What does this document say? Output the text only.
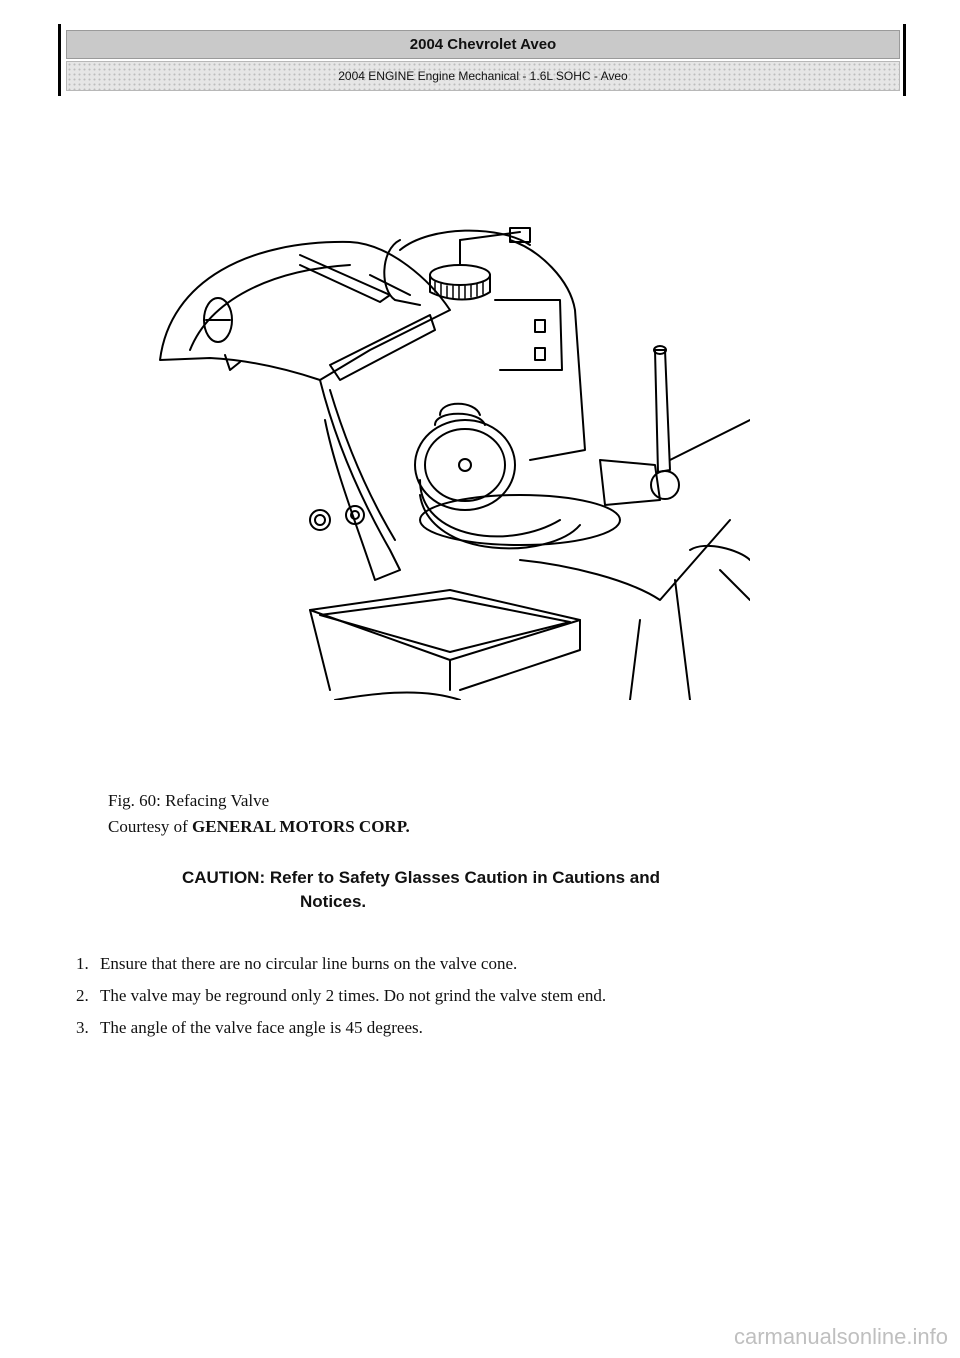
2004 Chevrolet Aveo
2004 ENGINE Engine Mechanical - 1.6L SOHC - Aveo
Fig. 60: Refacing Valve
Courtesy of GENERAL MOTORS CORP.
CAUTION: Refer to Safety Glasses Caution in Cautions and
Notices.
1. Ensure that there are no circular line burns on the valve cone.
2. The valve may be reground only 2 times. Do not grind the valve stem end.
3. The angle of the valve face angle is 45 degrees.
carmanualsonline.info
